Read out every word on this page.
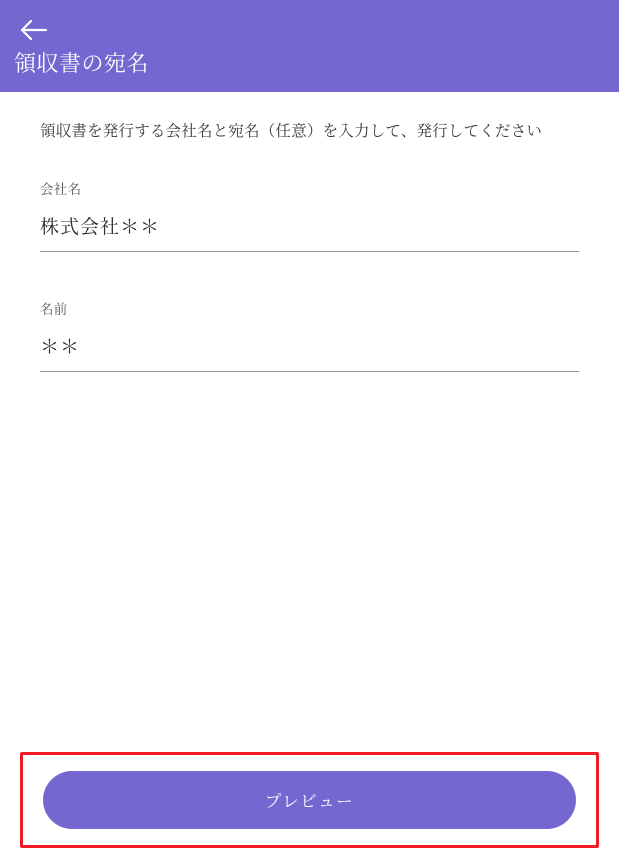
領収書の宛名
領収書を発行する会社名と宛名（任意）を入力して、発行してください
会社名
株式会社＊＊
名前
＊＊
プレビュー
